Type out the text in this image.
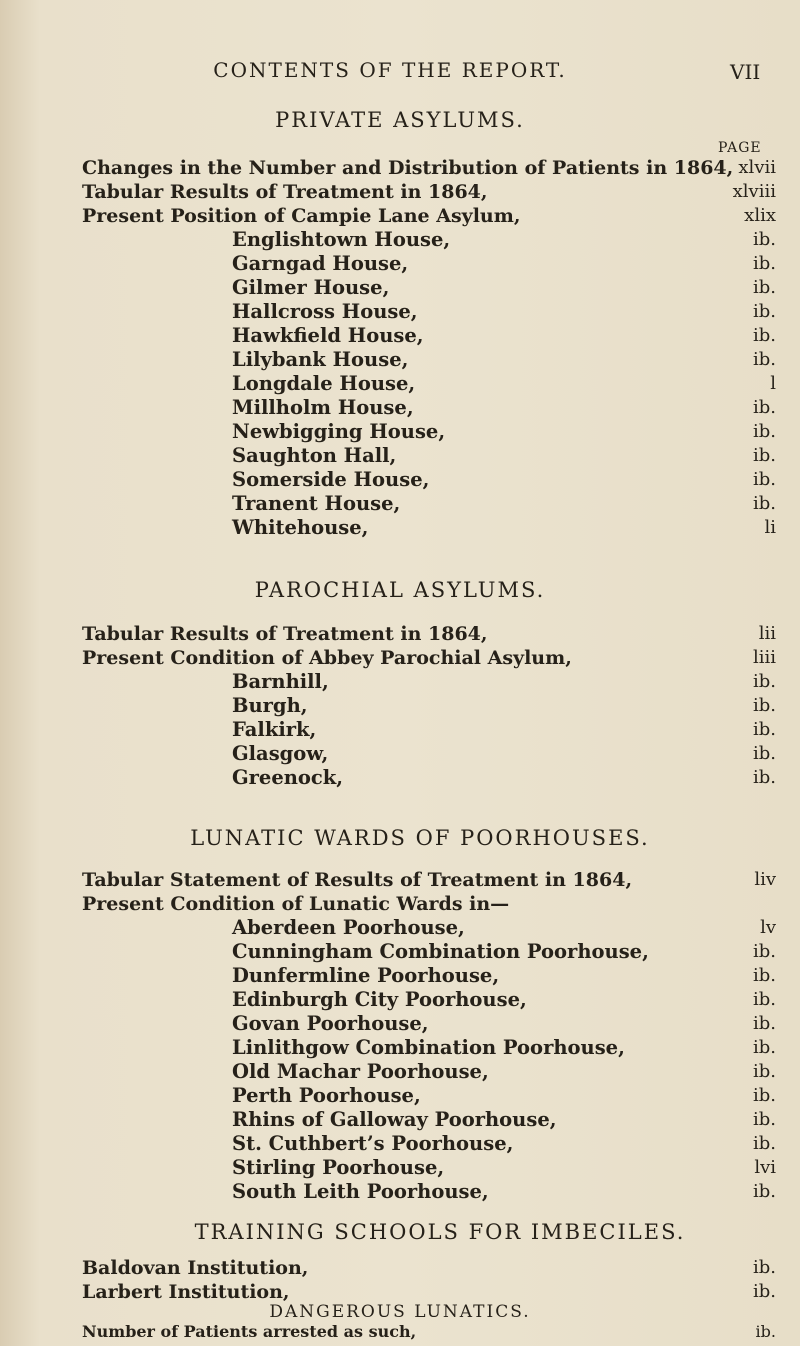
CONTENTS OF THE REPORT.	VII
PRIVATE ASYLUMS.
PAGE
Changes in the Number and Distribution of Patients in 1864, xlvii
Tabular Results of Treatment in 1864,	xlviii
Present Position of Campie Lane Asylum,	xlix
Englishtown House,	ib.
Garngad House,	ib.
Gilmer House,	ib.
Hallcross House,	ib.
Hawkfield House,	ib.
Lilybank House,	ib.
Longdale House,	l
Millholm House,	ib.
Newbigging House,	ib.
Saughton Hall,	ib.
Somerside House,	ib.
Tranent House,	ib.
Whitehouse,	li
PAROCHIAL ASYLUMS.
Tabular Results of Treatment in 1864,	lii
Present Condition of Abbey Parochial Asylum,	liii
Barnhill,	ib.
Burgh,	ib.
Falkirk,	ib.
Glasgow,	ib.
Greenock,	ib.
LUNATIC WARDS OF POORHOUSES.
Tabular Statement of Results of Treatment in 1864,	liv
Present Condition of Lunatic Wards in—
Aberdeen Poorhouse,	lv
Cunningham Combination Poorhouse,	ib.
Dunfermline Poorhouse,	ib.
Edinburgh City Poorhouse,	ib.
Govan Poorhouse,	ib.
Linlithgow Combination Poorhouse,	ib.
Old Machar Poorhouse,	ib.
Perth Poorhouse,	ib.
Rhins of Galloway Poorhouse,	ib.
St. Cuthbert’s Poorhouse,	ib.
Stirling Poorhouse,	lvi
South Leith Poorhouse,	ib.
TRAINING SCHOOLS FOR IMBECILES.
Baldovan Institution,	ib.
Larbert Institution,	ib.
DANGEROUS LUNATICS.
Number of Patients arrested as such,	ib.
